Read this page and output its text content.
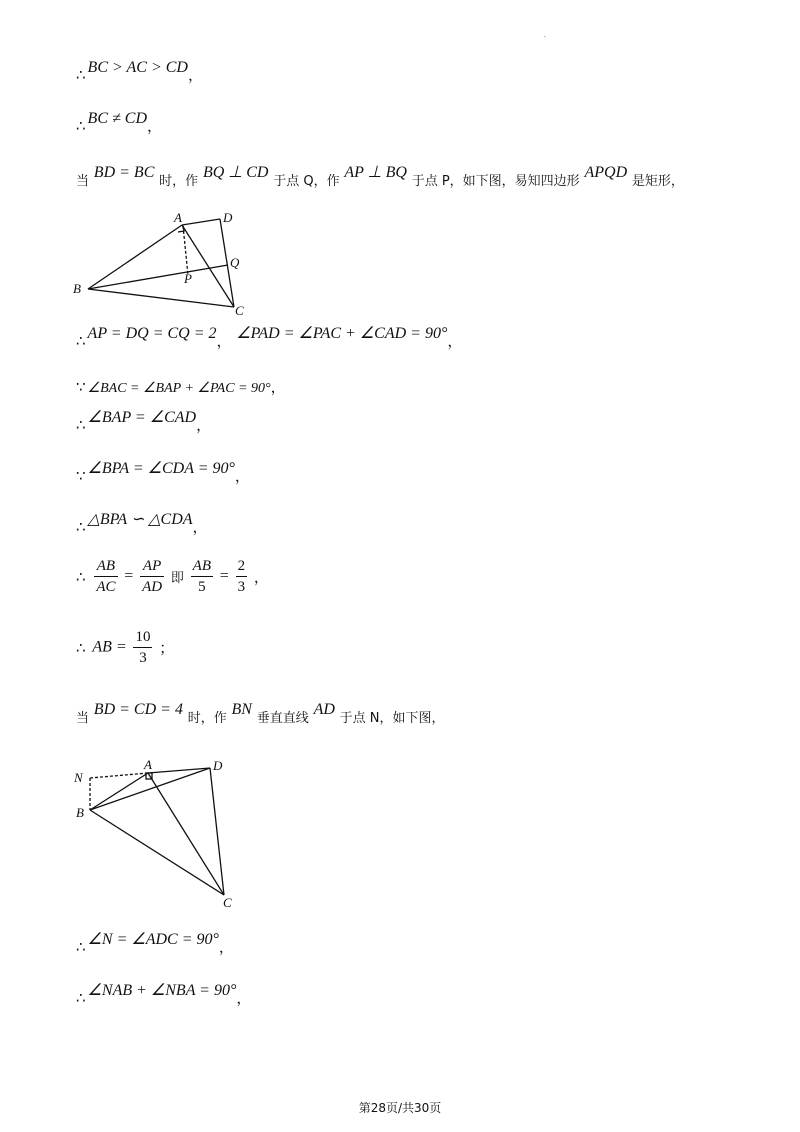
·
∴ BC > AC > CD，
∴ BC ≠ CD，
当 BD = BC 时，作 BQ ⊥ CD 于点 Q，作 AP ⊥ BQ 于点 P，如下图，易知四边形 APQD 是矩形，
A	D
Q
P
B
C
∴ AP = DQ = CQ = 2， ∠PAD = ∠PAC + ∠CAD = 90°，
∵ ∠BAC = ∠BAP + ∠PAC = 90°，
∴ ∠BAP = ∠CAD，
∵ ∠BPA = ∠CDA = 90°，
∴ △BPA ∽ △CDA，
∴ $\frac{AB}{AC} = \frac{AP}{AD}$ 即 $\frac{AB}{5} = \frac{2}{3}$ ，
∴ AB = $\frac{10}{3}$ ；
当 BD = CD = 4 时，作 BN 垂直直线 AD 于点 N，如下图，
N
A	D
B
C
∴ ∠N = ∠ADC = 90°，
∴ ∠NAB + ∠NBA = 90°，
第28页/共30页
